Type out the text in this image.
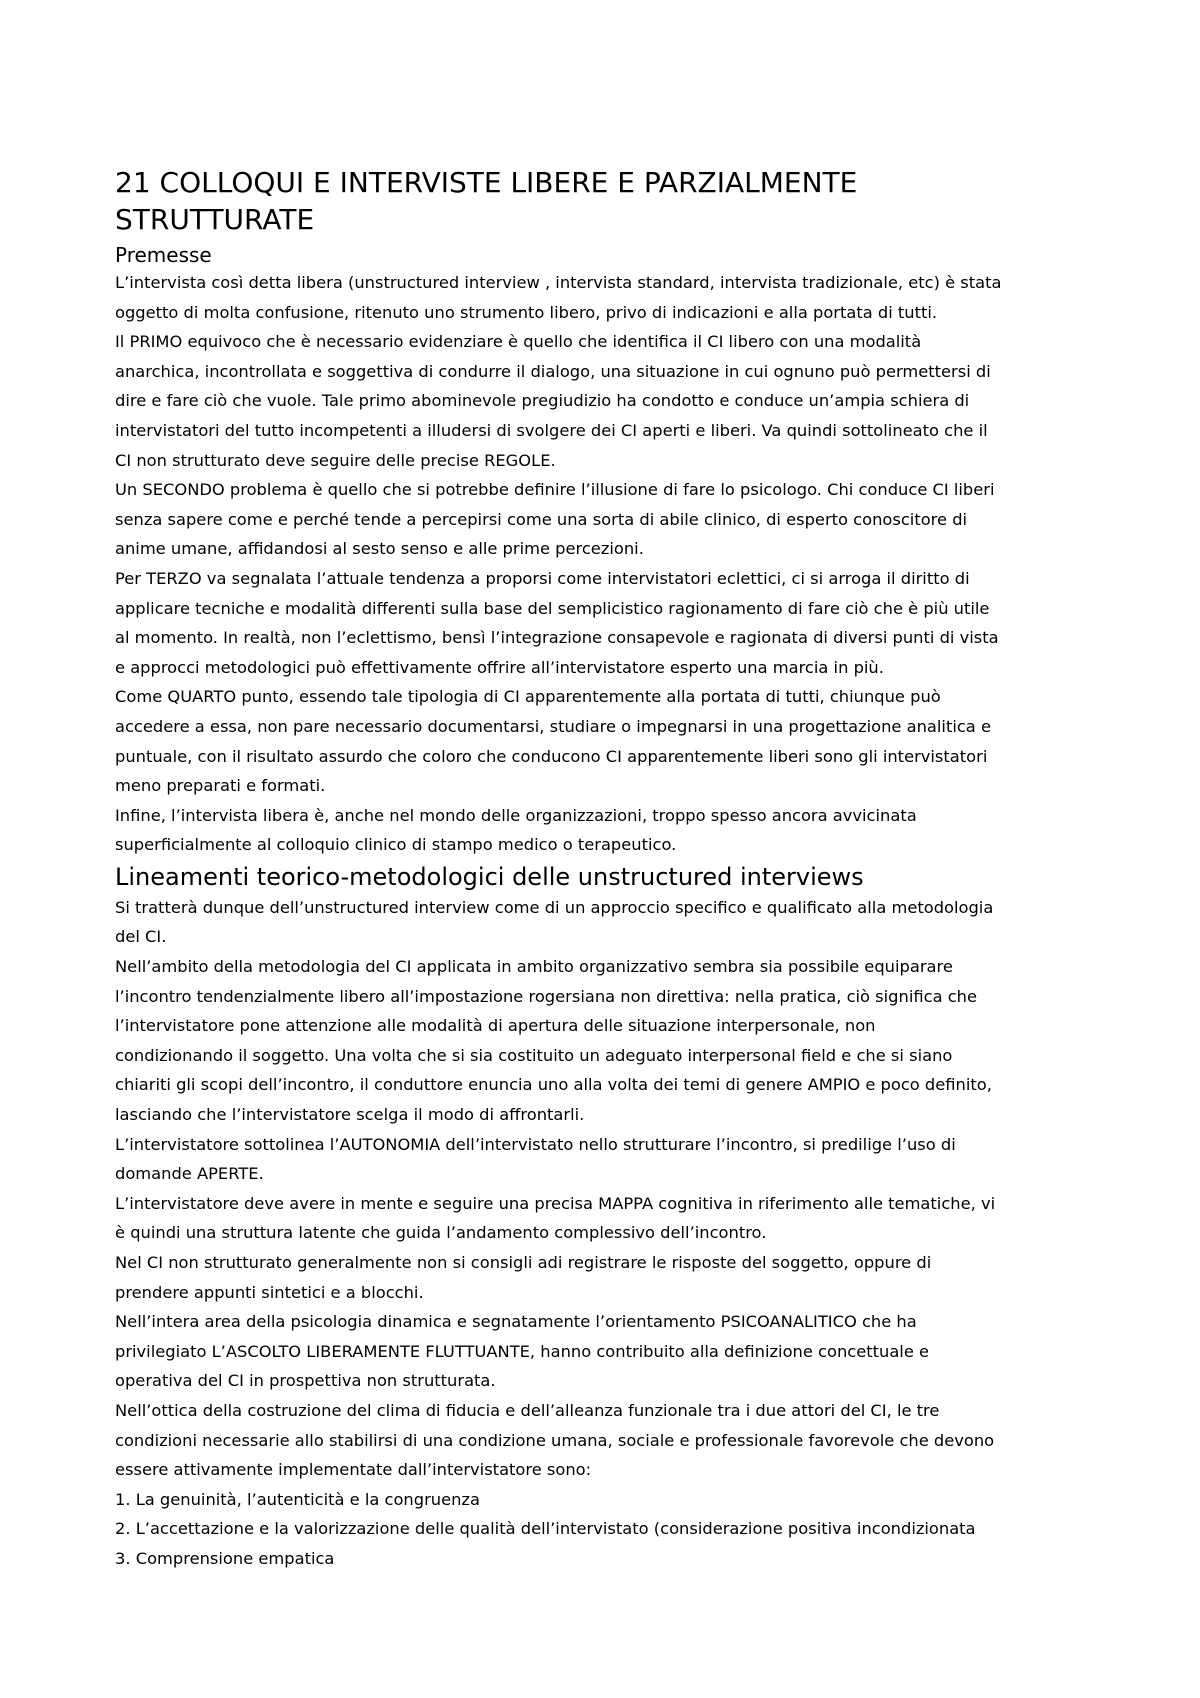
21 COLLOQUI E INTERVISTE LIBERE E PARZIALMENTE
STRUTTURATE
Premesse

L’intervista così detta libera (unstructured interview , intervista standard, intervista tradizionale, etc) è stata

oggetto di molta confusione, ritenuto uno strumento libero, privo di indicazioni e alla portata di tutti.

Il PRIMO equivoco che è necessario evidenziare è quello che identifica il CI libero con una modalità

anarchica, incontrollata e soggettiva di condurre il dialogo, una situazione in cui ognuno può permettersi di

dire e fare ciò che vuole. Tale primo abominevole pregiudizio ha condotto e conduce un’ampia schiera di

intervistatori del tutto incompetenti a illudersi di svolgere dei CI aperti e liberi. Va quindi sottolineato che il

CI non strutturato deve seguire delle precise REGOLE.

Un SECONDO problema è quello che si potrebbe definire l’illusione di fare lo psicologo. Chi conduce CI liberi

senza sapere come e perché tende a percepirsi come una sorta di abile clinico, di esperto conoscitore di

anime umane, affidandosi al sesto senso e alle prime percezioni.

Per TERZO va segnalata l’attuale tendenza a proporsi come intervistatori eclettici, ci si arroga il diritto di

applicare tecniche e modalità differenti sulla base del semplicistico ragionamento di fare ciò che è più utile

al momento. In realtà, non l’eclettismo, bensì l’integrazione consapevole e ragionata di diversi punti di vista

e approcci metodologici può effettivamente offrire all’intervistatore esperto una marcia in più.

Come QUARTO punto, essendo tale tipologia di CI apparentemente alla portata di tutti, chiunque può

accedere a essa, non pare necessario documentarsi, studiare o impegnarsi in una progettazione analitica e

puntuale, con il risultato assurdo che coloro che conducono CI apparentemente liberi sono gli intervistatori

meno preparati e formati.

Infine, l’intervista libera è, anche nel mondo delle organizzazioni, troppo spesso ancora avvicinata

superficialmente al colloquio clinico di stampo medico o terapeutico.

Lineamenti teorico-metodologici delle unstructured interviews

Si tratterà dunque dell’unstructured interview come di un approccio specifico e qualificato alla metodologia

del CI.

Nell’ambito della metodologia del CI applicata in ambito organizzativo sembra sia possibile equiparare

l’incontro tendenzialmente libero all’impostazione rogersiana non direttiva: nella pratica, ciò significa che

l’intervistatore pone attenzione alle modalità di apertura delle situazione interpersonale, non

condizionando il soggetto. Una volta che si sia costituito un adeguato interpersonal field e che si siano

chiariti gli scopi dell’incontro, il conduttore enuncia uno alla volta dei temi di genere AMPIO e poco definito,

lasciando che l’intervistatore scelga il modo di affrontarli.

L’intervistatore sottolinea l’AUTONOMIA dell’intervistato nello strutturare l’incontro, si predilige l’uso di

domande APERTE.

L’intervistatore deve avere in mente e seguire una precisa MAPPA cognitiva in riferimento alle tematiche, vi

è quindi una struttura latente che guida l’andamento complessivo dell’incontro.

Nel CI non strutturato generalmente non si consigli adi registrare le risposte del soggetto, oppure di

prendere appunti sintetici e a blocchi.

Nell’intera area della psicologia dinamica e segnatamente l’orientamento PSICOANALITICO che ha

privilegiato L’ASCOLTO LIBERAMENTE FLUTTUANTE, hanno contribuito alla definizione concettuale e

operativa del CI in prospettiva non strutturata.

Nell’ottica della costruzione del clima di fiducia e dell’alleanza funzionale tra i due attori del CI, le tre

condizioni necessarie allo stabilirsi di una condizione umana, sociale e professionale favorevole che devono

essere attivamente implementate dall’intervistatore sono:

1. La genuinità, l’autenticità e la congruenza

2. L’accettazione e la valorizzazione delle qualità dell’intervistato (considerazione positiva incondizionata

3. Comprensione empatica
